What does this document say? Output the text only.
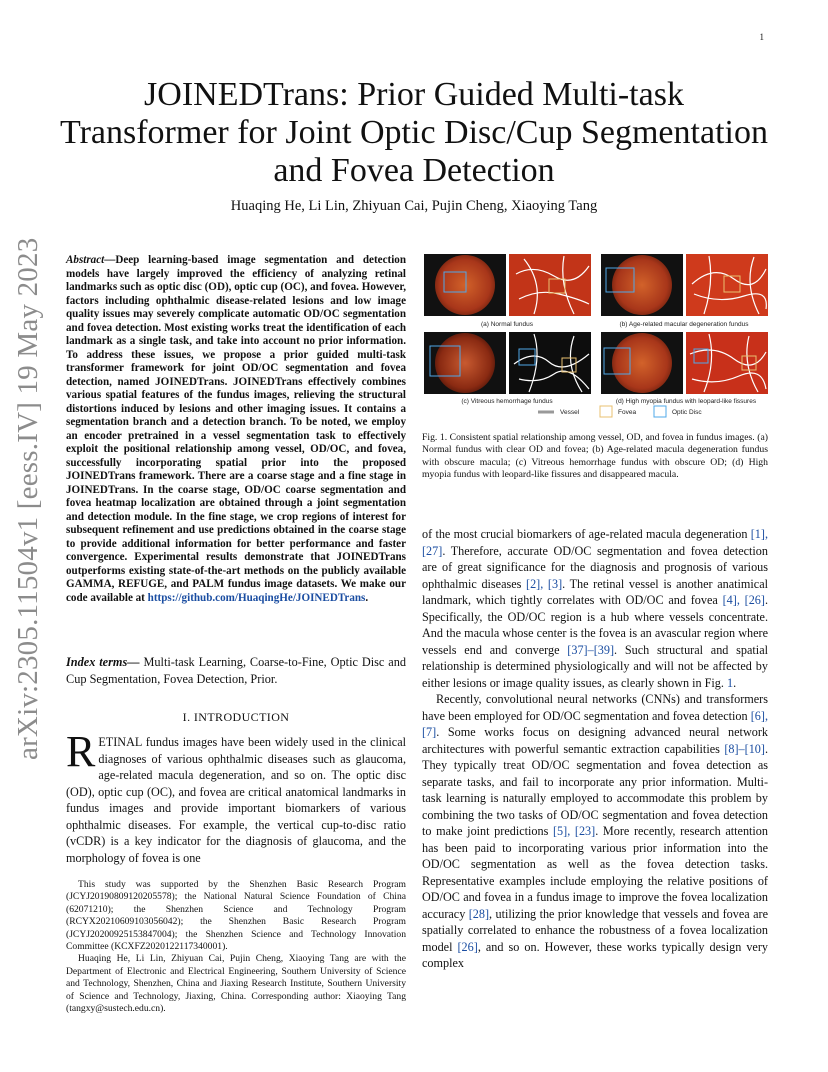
1
arXiv:2305.11504v1 [eess.IV] 19 May 2023
JOINEDTrans: Prior Guided Multi-task Transformer for Joint Optic Disc/Cup Segmentation and Fovea Detection
Huaqing He, Li Lin, Zhiyuan Cai, Pujin Cheng, Xiaoying Tang
Abstract—Deep learning-based image segmentation and detection models have largely improved the efficiency of analyzing retinal landmarks such as optic disc (OD), optic cup (OC), and fovea. However, factors including ophthalmic disease-related lesions and low image quality issues may severely complicate automatic OD/OC segmentation and fovea detection. Most existing works treat the identification of each landmark as a single task, and take into account no prior information. To address these issues, we propose a prior guided multi-task transformer framework for joint OD/OC segmentation and fovea detection, named JOINEDTrans. JOINEDTrans effectively combines various spatial features of the fundus images, relieving the structural distortions induced by lesions and other imaging issues. It contains a segmentation branch and a detection branch. To be noted, we employ an encoder pretrained in a vessel segmentation task to effectively exploit the positional relationship among vessel, OD/OC, and fovea, successfully incorporating spatial prior into the proposed JOINEDTrans framework. There are a coarse stage and a fine stage in JOINEDTrans. In the coarse stage, OD/OC coarse segmentation and fovea heatmap localization are obtained through a joint segmentation and detection module. In the fine stage, we crop regions of interest for subsequent refinement and use predictions obtained in the coarse stage to provide additional information for better performance and faster convergence. Experimental results demonstrate that JOINEDTrans outperforms existing state-of-the-art methods on the publicly available GAMMA, REFUGE, and PALM fundus image datasets. We make our code available at https://github.com/HuaqingHe/JOINEDTrans.
Index terms— Multi-task Learning, Coarse-to-Fine, Optic Disc and Cup Segmentation, Fovea Detection, Prior.
I. INTRODUCTION
RETINAL fundus images have been widely used in the clinical diagnoses of various ophthalmic diseases such as glaucoma, age-related macula degeneration, and so on. The optic disc (OD), optic cup (OC), and fovea are critical anatomical landmarks in fundus images and provide important biomarkers of various ophthalmic diseases. For example, the vertical cup-to-disc ratio (vCDR) is a key indicator for the diagnosis of glaucoma, and the morphology of fovea is one

This study was supported by the Shenzhen Basic Research Program (JCYJ20190809120205578); the National Natural Science Foundation of China (62071210); the Shenzhen Science and Technology Program (RCYX20210609103056042); the Shenzhen Basic Research Program (JCYJ20200925153847004); the Shenzhen Science and Technology Innovation Committee (KCXFZ2020122117340001).

Huaqing He, Li Lin, Zhiyuan Cai, Pujin Cheng, Xiaoying Tang are with the Department of Electronic and Electrical Engineering, Southern University of Science and Technology, Shenzhen, China and Jiaxing Research Institute, Southern University of Science and Technology, Jiaxing, China. Corresponding author: Xiaoying Tang (tangxy@sustech.edu.cn).

(a) Normal fundus	(b) Age-related macular degeneration fundus
(c) Vitreous hemorrhage fundus	(d) High myopia fundus with leopard-like fissures
Vessel	Fovea	Optic Disc
Fig. 1. Consistent spatial relationship among vessel, OD, and fovea in fundus images. (a) Normal fundus with clear OD and fovea; (b) Age-related macula degeneration fundus with obscure macula; (c) Vitreous hemorrhage fundus with obscure OD; (d) High myopia fundus with leopard-like fissures and disappeared macula.

of the most crucial biomarkers of age-related macula degeneration [1], [27]. Therefore, accurate OD/OC segmentation and fovea detection are of great significance for the diagnosis and prognosis of various ophthalmic diseases [2], [3]. The retinal vessel is another anatimical landmark, which tightly correlates with OD/OC and fovea [4], [26]. Specifically, the OD/OC region is a hub where vessels concentrate. And the macula whose center is the fovea is an avascular region where vessels end and converge [37]–[39]. Such structural and spatial relationship is determined physiologically and will not be affected by either lesions or image quality issues, as clearly shown in Fig. 1.

Recently, convolutional neural networks (CNNs) and transformers have been employed for OD/OC segmentation and fovea detection [6], [7]. Some works focus on designing advanced neural network architectures with powerful semantic extraction capabilities [8]–[10]. They typically treat OD/OC segmentation and fovea detection as separate tasks, and fail to incorporate any prior information. Multi-task learning is naturally employed to accommodate this problem by combining the two tasks of OD/OC segmentation and fovea detection to make joint predictions [5], [23]. More recently, research attention has been paid to incorporating various prior information into the OD/OC segmentation as well as the fovea detection tasks. Representative examples include employing the relative positions of OD/OC and fovea in a fundus image to improve the fovea localization accuracy [28], utilizing the prior knowledge that vessels and fovea are spatially correlated to enhance the robustness of a fovea localization model [26], and so on. However, these works typically design very complex
